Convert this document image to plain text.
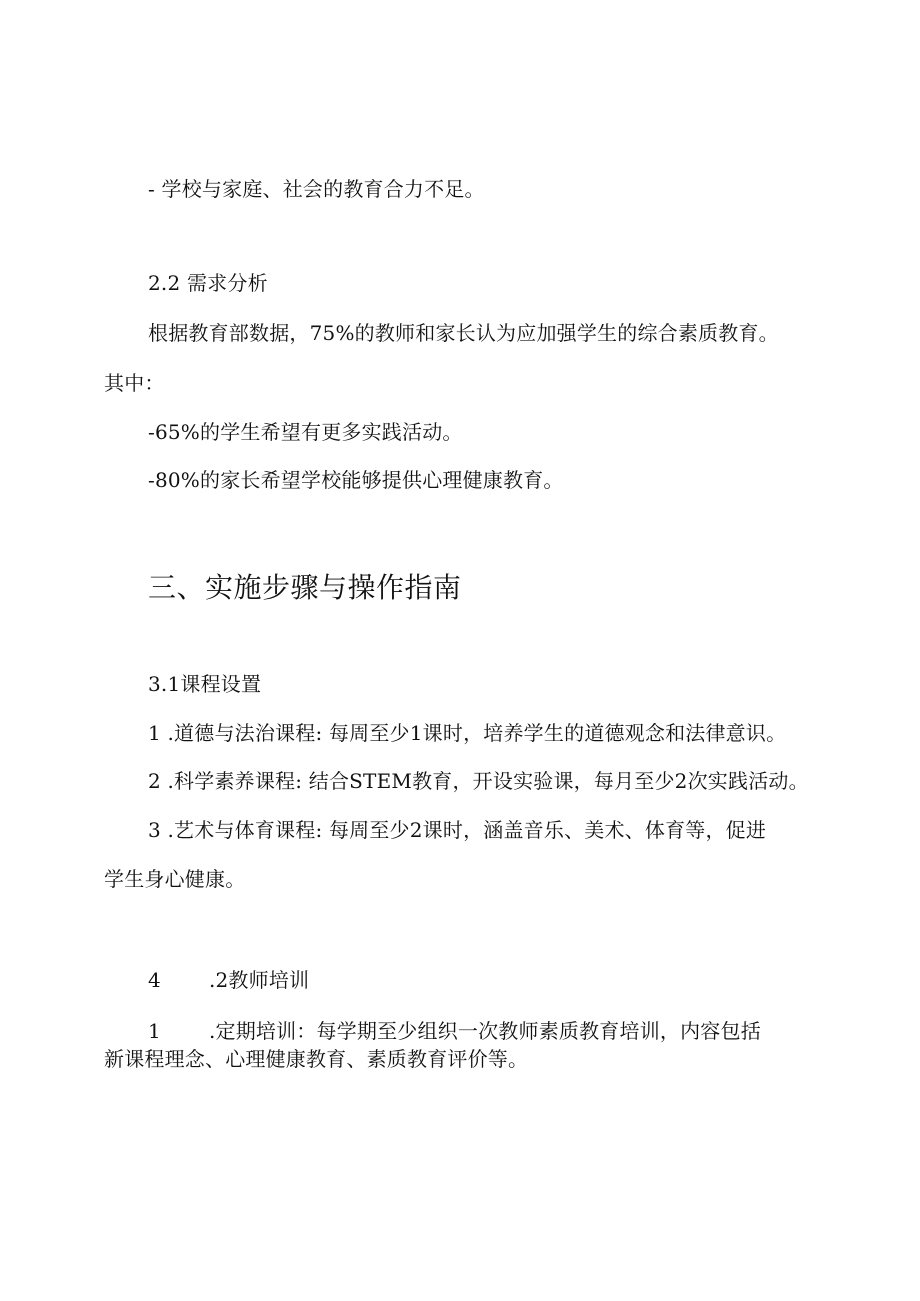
- 学校与家庭、社会的教育合力不足。
2.2 需求分析
根据教育部数据，75%的教师和家长认为应加强学生的综合素质教育。
其中：
-65%的学生希望有更多实践活动。
-80%的家长希望学校能够提供心理健康教育。
三、实施步骤与操作指南
3.1课程设置
1 .道德与法治课程: 每周至少1课时，培养学生的道德观念和法律意识。
2 .科学素养课程: 结合STEM教育，开设实验课，每月至少2次实践活动。
3 .艺术与体育课程: 每周至少2课时，涵盖音乐、美术、体育等，促进
学生身心健康。
4 .2教师培训
1 .定期培训：每学期至少组织一次教师素质教育培训，内容包括
新课程理念、心理健康教育、素质教育评价等。
